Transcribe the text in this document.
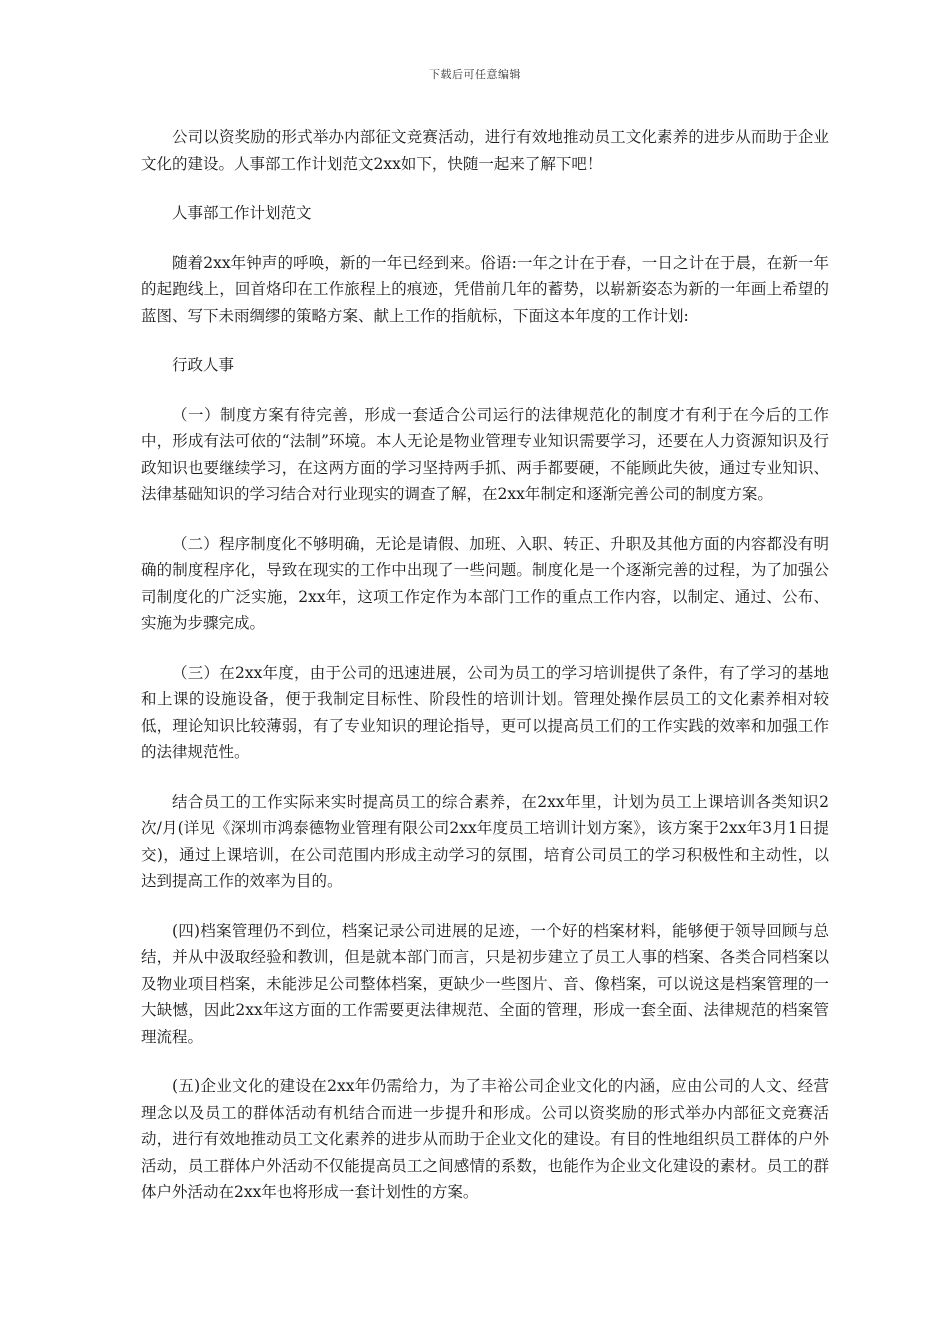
下载后可任意编辑

公司以资奖励的形式举办内部征文竞赛活动，进行有效地推动员工文化素养的进步从而助于企业文化的建设。人事部工作计划范文2xx如下，快随一起来了解下吧！

人事部工作计划范文

随着2xx年钟声的呼唤，新的一年已经到来。俗语:一年之计在于春，一日之计在于晨，在新一年的起跑线上，回首烙印在工作旅程上的痕迹，凭借前几年的蓄势，以崭新姿态为新的一年画上希望的蓝图、写下未雨绸缪的策略方案、献上工作的指航标，下面这本年度的工作计划:

行政人事

（一）制度方案有待完善，形成一套适合公司运行的法律规范化的制度才有利于在今后的工作中，形成有法可依的“法制”环境。本人无论是物业管理专业知识需要学习，还要在人力资源知识及行政知识也要继续学习，在这两方面的学习坚持两手抓、两手都要硬，不能顾此失彼，通过专业知识、法律基础知识的学习结合对行业现实的调查了解，在2xx年制定和逐渐完善公司的制度方案。

（二）程序制度化不够明确，无论是请假、加班、入职、转正、升职及其他方面的内容都没有明确的制度程序化，导致在现实的工作中出现了一些问题。制度化是一个逐渐完善的过程，为了加强公司制度化的广泛实施，2xx年，这项工作定作为本部门工作的重点工作内容，以制定、通过、公布、实施为步骤完成。

（三）在2xx年度，由于公司的迅速进展，公司为员工的学习培训提供了条件，有了学习的基地和上课的设施设备，便于我制定目标性、阶段性的培训计划。管理处操作层员工的文化素养相对较低，理论知识比较薄弱，有了专业知识的理论指导，更可以提高员工们的工作实践的效率和加强工作的法律规范性。

结合员工的工作实际来实时提高员工的综合素养，在2xx年里，计划为员工上课培训各类知识2次/月(详见《深圳市鸿泰德物业管理有限公司2xx年度员工培训计划方案》，该方案于2xx年3月1日提交)，通过上课培训，在公司范围内形成主动学习的氛围，培育公司员工的学习积极性和主动性，以达到提高工作的效率为目的。

(四)档案管理仍不到位，档案记录公司进展的足迹，一个好的档案材料，能够便于领导回顾与总结，并从中汲取经验和教训，但是就本部门而言，只是初步建立了员工人事的档案、各类合同档案以及物业项目档案，未能涉足公司整体档案，更缺少一些图片、音、像档案，可以说这是档案管理的一大缺憾，因此2xx年这方面的工作需要更法律规范、全面的管理，形成一套全面、法律规范的档案管理流程。

(五)企业文化的建设在2xx年仍需给力，为了丰裕公司企业文化的内涵，应由公司的人文、经营理念以及员工的群体活动有机结合而进一步提升和形成。公司以资奖励的形式举办内部征文竞赛活动，进行有效地推动员工文化素养的进步从而助于企业文化的建设。有目的性地组织员工群体的户外活动，员工群体户外活动不仅能提高员工之间感情的系数，也能作为企业文化建设的素材。员工的群体户外活动在2xx年也将形成一套计划性的方案。
